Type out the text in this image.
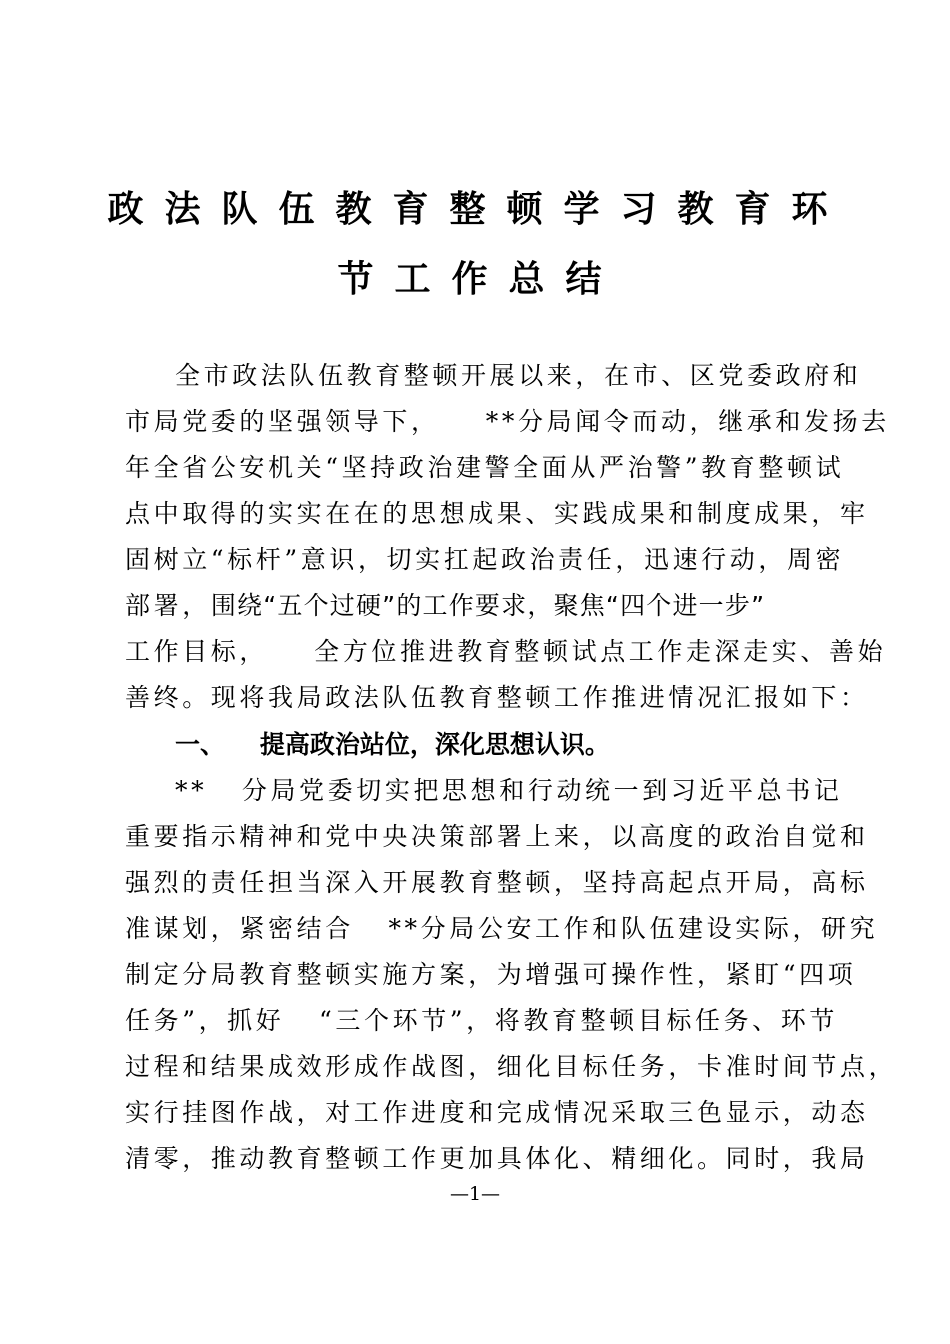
政法队伍教育整顿学习教育环
节工作总结
全市政法队伍教育整顿开展以来，在市、区党委政府和
市局党委的坚强领导下，    **分局闻令而动，继承和发扬去
年全省公安机关“坚持政治建警全面从严治警”教育整顿试
点中取得的实实在在的思想成果、实践成果和制度成果，牢
固树立“标杆”意识，切实扛起政治责任，迅速行动，周密
部署，围绕“五个过硬”的工作要求，聚焦“四个进一步”
工作目标，    全方位推进教育整顿试点工作走深走实、善始
善终。现将我局政法队伍教育整顿工作推进情况汇报如下：
一、    提高政治站位，深化思想认识。
**   分局党委切实把思想和行动统一到习近平总书记
重要指示精神和党中央决策部署上来，以高度的政治自觉和
强烈的责任担当深入开展教育整顿，坚持高起点开局，高标
准谋划，紧密结合   **分局公安工作和队伍建设实际，研究
制定分局教育整顿实施方案，为增强可操作性，紧盯“四项
任务”，抓好   “三个环节”，将教育整顿目标任务、环节
过程和结果成效形成作战图，细化目标任务，卡准时间节点，
实行挂图作战，对工作进度和完成情况采取三色显示，动态
清零，推动教育整顿工作更加具体化、精细化。同时，我局
—1—
